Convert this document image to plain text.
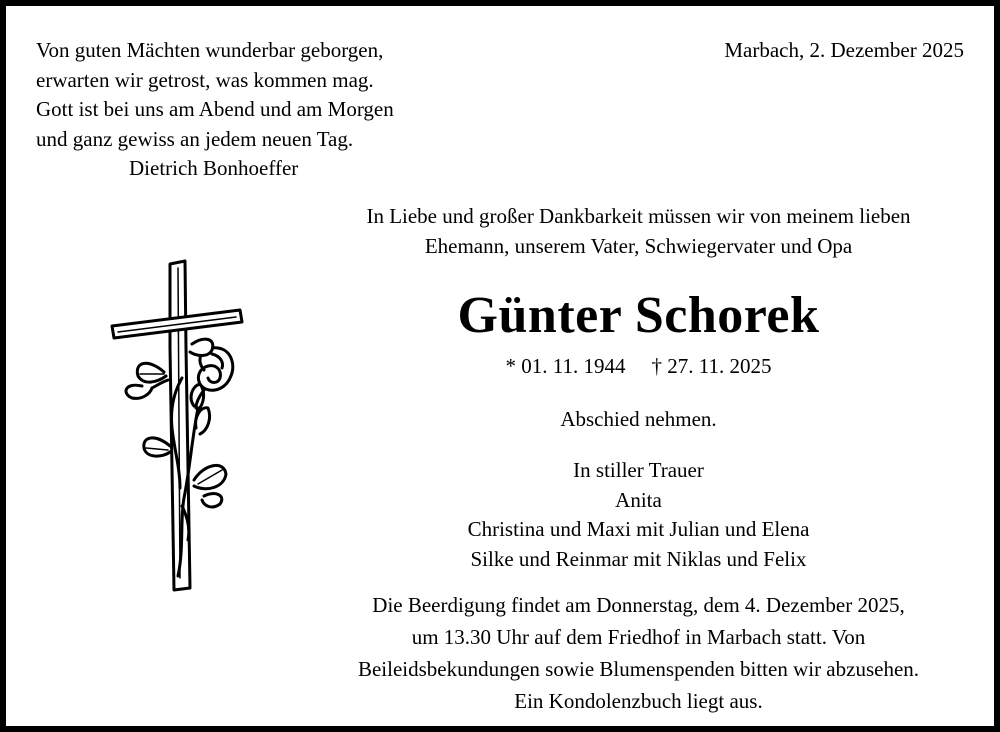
Von guten Mächten wunderbar geborgen,
erwarten wir getrost, was kommen mag.
Gott ist bei uns am Abend und am Morgen
und ganz gewiss an jedem neuen Tag.
Dietrich Bonhoeffer
Marbach, 2. Dezember 2025
In Liebe und großer Dankbarkeit müssen wir von meinem lieben
Ehemann, unserem Vater, Schwiegervater und Opa
Günter Schorek
* 01. 11. 1944 † 27. 11. 2025
Abschied nehmen.
In stiller Trauer
Anita
Christina und Maxi mit Julian und Elena
Silke und Reinmar mit Niklas und Felix
Die Beerdigung findet am Donnerstag, dem 4. Dezember 2025,
um 13.30 Uhr auf dem Friedhof in Marbach statt. Von
Beileidsbekundungen sowie Blumenspenden bitten wir abzusehen.
Ein Kondolenzbuch liegt aus.
